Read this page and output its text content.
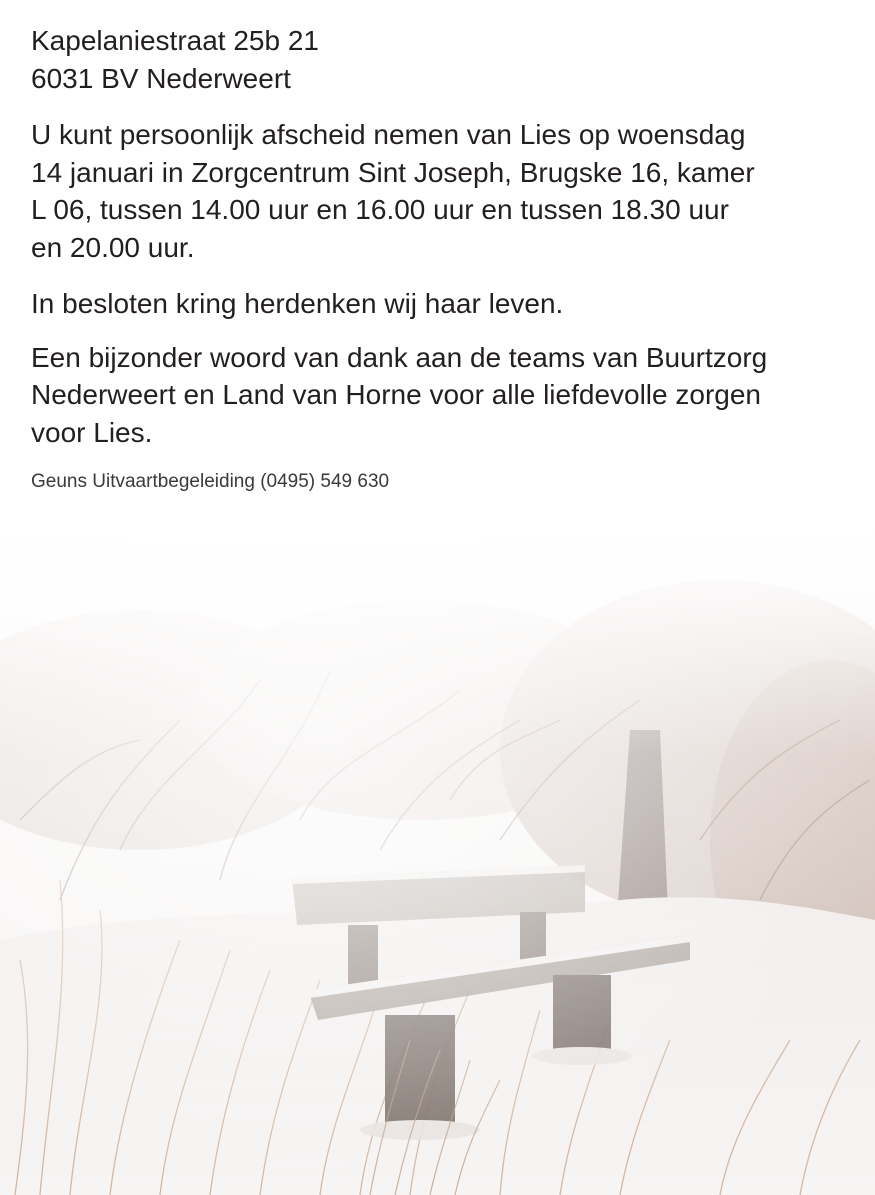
Kapelaniestraat 25b 21

6031 BV Nederweert

U kunt persoonlijk afscheid nemen van Lies op woensdag
14 januari in Zorgcentrum Sint Joseph, Brugske 16, kamer
L 06, tussen 14.00 uur en 16.00 uur en tussen 18.30 uur
en 20.00 uur.

In besloten kring herdenken wij haar leven.

Een bijzonder woord van dank aan de teams van Buurtzorg
Nederweert en Land van Horne voor alle liefdevolle zorgen
voor Lies.

Geuns Uitvaartbegeleiding (0495) 549 630
